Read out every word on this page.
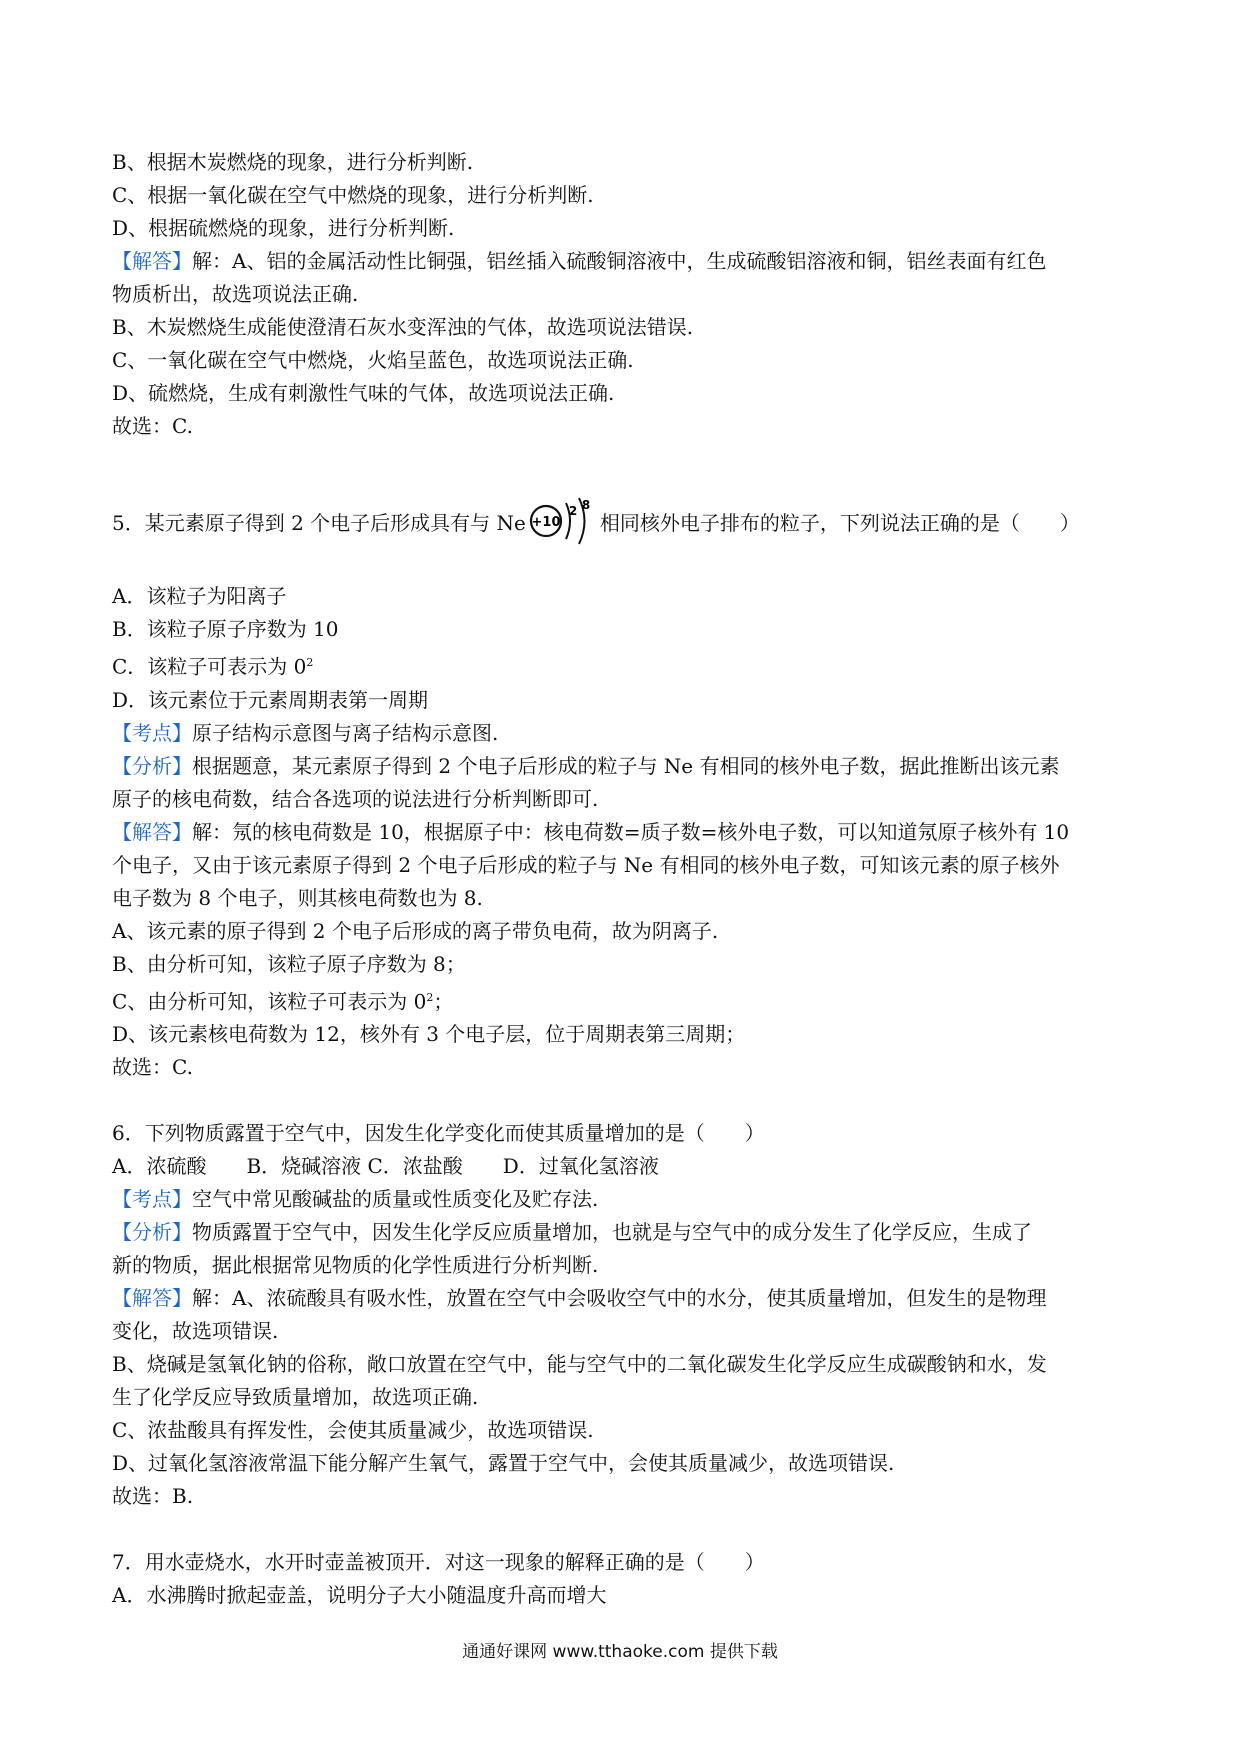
B、根据木炭燃烧的现象，进行分析判断.
C、根据一氧化碳在空气中燃烧的现象，进行分析判断.
D、根据硫燃烧的现象，进行分析判断.
【解答】解：A、铝的金属活动性比铜强，铝丝插入硫酸铜溶液中，生成硫酸铝溶液和铜，铝丝表面有红色
物质析出，故选项说法正确.
B、木炭燃烧生成能使澄清石灰水变浑浊的气体，故选项说法错误.
C、一氧化碳在空气中燃烧，火焰呈蓝色，故选项说法正确.
D、硫燃烧，生成有刺激性气味的气体，故选项说法正确.
故选：C.
5．某元素原子得到 2 个电子后形成具有与 Ne +10
2 8
相同核外电子排布的粒子，下列说法正确的是（　　）
A．该粒子为阳离子
B．该粒子原子序数为 10
C．该粒子可表示为 $0^2$
D．该元素位于元素周期表第一周期
【考点】原子结构示意图与离子结构示意图.
【分析】根据题意，某元素原子得到 2 个电子后形成的粒子与 Ne 有相同的核外电子数，据此推断出该元素
原子的核电荷数，结合各选项的说法进行分析判断即可.
【解答】解：氖的核电荷数是 10，根据原子中：核电荷数=质子数=核外电子数，可以知道氖原子核外有 10
个电子，又由于该元素原子得到 2 个电子后形成的粒子与 Ne 有相同的核外电子数，可知该元素的原子核外
电子数为 8 个电子，则其核电荷数也为 8.
A、该元素的原子得到 2 个电子后形成的离子带负电荷，故为阴离子.
B、由分析可知，该粒子原子序数为 8；
C、由分析可知，该粒子可表示为 $0^2$；
D、该元素核电荷数为 12，核外有 3 个电子层，位于周期表第三周期；
故选：C.
6．下列物质露置于空气中，因发生化学变化而使其质量增加的是（　　）
A．浓硫酸　　B．烧碱溶液 C．浓盐酸　　D．过氧化氢溶液
【考点】空气中常见酸碱盐的质量或性质变化及贮存法.
【分析】物质露置于空气中，因发生化学反应质量增加，也就是与空气中的成分发生了化学反应，生成了
新的物质，据此根据常见物质的化学性质进行分析判断.
【解答】解：A、浓硫酸具有吸水性，放置在空气中会吸收空气中的水分，使其质量增加，但发生的是物理
变化，故选项错误.
B、烧碱是氢氧化钠的俗称，敞口放置在空气中，能与空气中的二氧化碳发生化学反应生成碳酸钠和水，发
生了化学反应导致质量增加，故选项正确.
C、浓盐酸具有挥发性，会使其质量减少，故选项错误.
D、过氧化氢溶液常温下能分解产生氧气，露置于空气中，会使其质量减少，故选项错误.
故选：B.
7．用水壶烧水，水开时壶盖被顶开．对这一现象的解释正确的是（　　）
A．水沸腾时掀起壶盖，说明分子大小随温度升高而增大
通通好课网 www.tthaoke.com 提供下载
